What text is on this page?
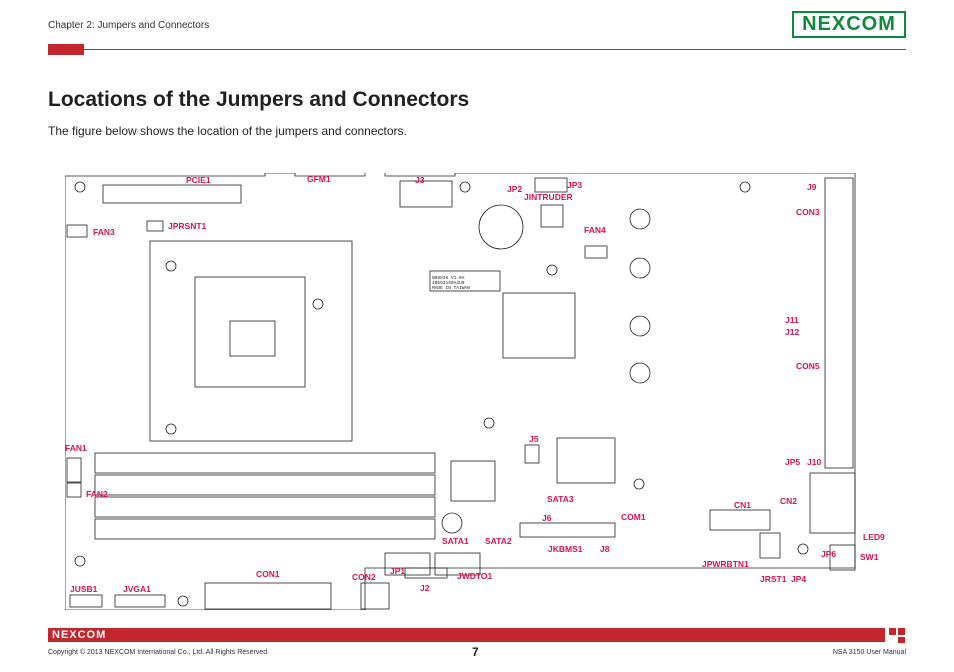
Chapter 2: Jumpers and Connectors	NEXCOM
Locations of the Jumpers and Connectors
The figure below shows the location of the jumpers and connectors.
N88836 V1.0A
4B5531S0A4U0
MADE IN TAIWAN
PCIE1	GFM1	J3
JP2	JP3
JINTRUDER
J9
CON3
JPRSNT1
FAN3	FAN4
J11
J12
CON5
FAN1
J5
JP5 J10
FAN2	SATA3
CN1	CN2
J6	COM1
LED9
SATA1 SATA2
JKBMS1 J8	JP6	SW1
JPWRBTN1
JUSB1	JVGA1
CON1	CON2
JP1	JWDTO1
J2
JRST1 JP4
NEXCOM
Copyright © 2013 NEXCOM International Co., Ltd. All Rights Reserved.	7	NSA 3150 User Manual
